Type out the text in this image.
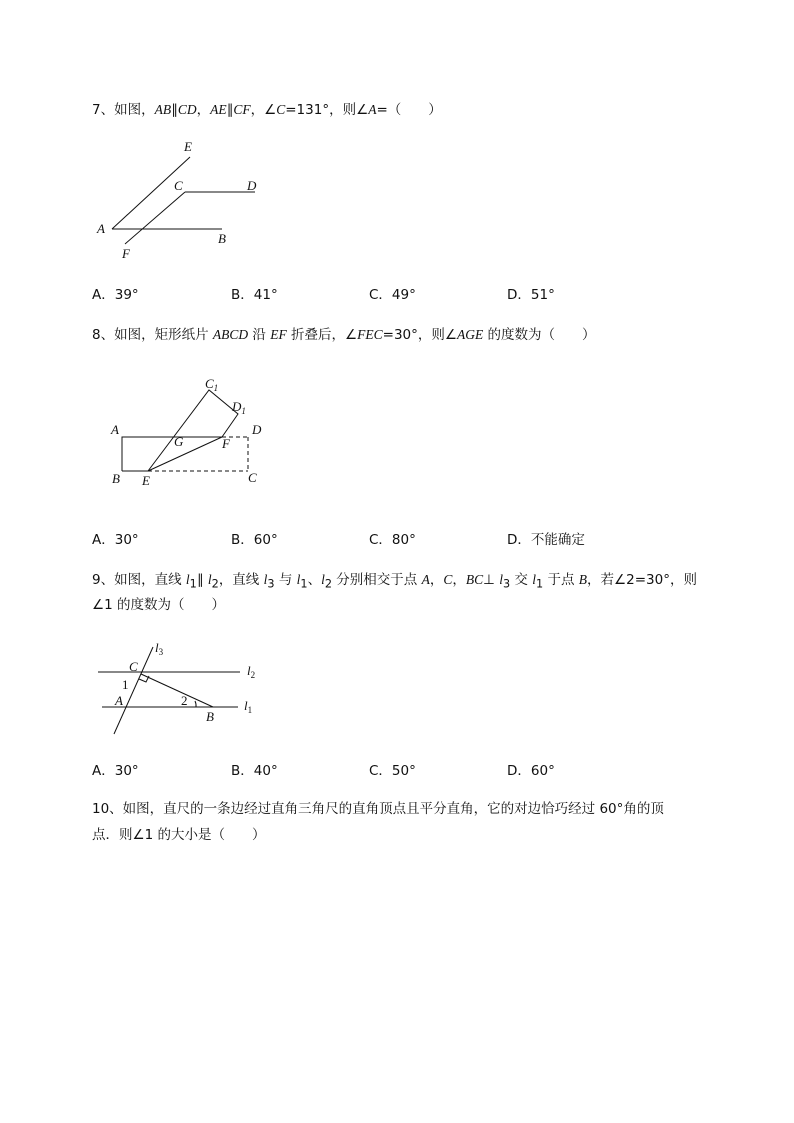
7、如图，AB∥CD，AE∥CF，∠C=131°，则∠A=（　　）
E
C	D
A
B
F
A．39°	B．41°	C．49°	D．51°
8、如图，矩形纸片 ABCD 沿 EF 折叠后，∠FEC=30°，则∠AGE 的度数为（　　）
$C_1$
$D_1$
A
G	F
D
B E	C
A．30°	B．60°	C．80°	D．不能确定
9、如图，直线 $l_1\parallel$ $l_2$，直线 $l_3$ 与 $l_1$、$l_2$ 分别相交于点 A，C，BC⊥ $l_3$ 交 $l_1$ 于点 B，若∠2=30°，则
∠1 的度数为（　　）
$l_3$
$l_2$
$l_1$
C
1
A	2
B
A．30°	B．40°	C．50°	D．60°
10、如图，直尺的一条边经过直角三角尺的直角顶点且平分直角，它的对边恰巧经过 60°角的顶
点．则∠1 的大小是（　　）
